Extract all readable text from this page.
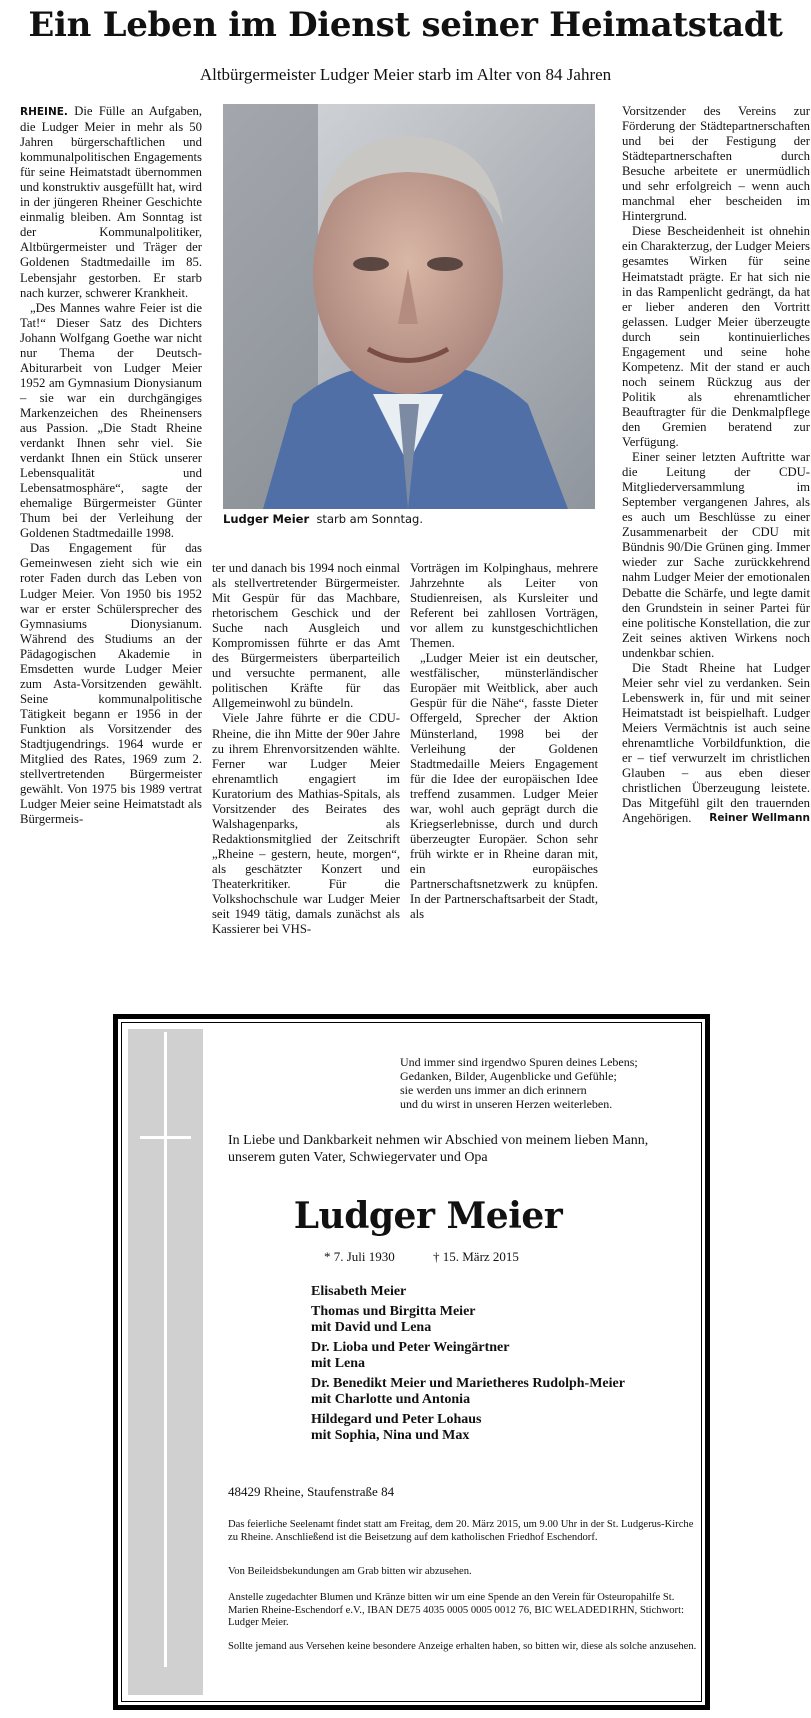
Ein Leben im Dienst seiner Heimatstadt
Altbürgermeister Ludger Meier starb im Alter von 84 Jahren

RHEINE. Die Fülle an Aufgaben, die Ludger Meier in mehr als 50 Jahren bürgerschaftlichen und kommunalpolitischen Engagements für seine Heimatstadt übernommen und konstruktiv ausgefüllt hat, wird in der jüngeren Rheiner Geschichte einmalig bleiben. Am Sonntag ist der Kommunalpolitiker, Altbürgermeister und Träger der Goldenen Stadtmedaille im 85. Lebensjahr gestorben. Er starb nach kurzer, schwerer Krankheit.

„Des Mannes wahre Feier ist die Tat!“ Dieser Satz des Dichters Johann Wolfgang Goethe war nicht nur Thema der Deutsch-Abiturarbeit von Ludger Meier 1952 am Gymnasium Dionysianum – sie war ein durchgängiges Markenzeichen des Rheinensers aus Passion. „Die Stadt Rheine verdankt Ihnen sehr viel. Sie verdankt Ihnen ein Stück unserer Lebensqualität und Lebensatmosphäre“, sagte der ehemalige Bürgermeister Günter Thum bei der Verleihung der Goldenen Stadtmedaille 1998.

Das Engagement für das Gemeinwesen zieht sich wie ein roter Faden durch das Leben von Ludger Meier. Von 1950 bis 1952 war er erster Schülersprecher des Gymnasiums Dionysianum. Während des Studiums an der Pädagogischen Akademie in Emsdetten wurde Ludger Meier zum Asta-Vorsitzenden gewählt. Seine kommunalpolitische Tätigkeit begann er 1956 in der Funktion als Vorsitzender des Stadtjugendrings. 1964 wurde er Mitglied des Rates, 1969 zum 2. stellvertretenden Bürgermeister gewählt. Von 1975 bis 1989 vertrat Ludger Meier seine Heimatstadt als Bürgermeis-

Ludger Meier starb am Sonntag.

ter und danach bis 1994 noch einmal als stellvertretender Bürgermeister. Mit Gespür für das Machbare, rhetorischem Geschick und der Suche nach Ausgleich und Kompromissen führte er das Amt des Bürgermeisters überparteilich und versuchte permanent, alle politischen Kräfte für das Allgemeinwohl zu bündeln.

Viele Jahre führte er die CDU-Rheine, die ihn Mitte der 90er Jahre zu ihrem Ehrenvorsitzenden wählte. Ferner war Ludger Meier ehrenamtlich engagiert im Kuratorium des Mathias-Spitals, als Vorsitzender des Beirates des Walshagenparks, als Redaktionsmitglied der Zeitschrift „Rheine – gestern, heute, morgen“, als geschätzter Konzert und Theaterkritiker. Für die Volkshochschule war Ludger Meier seit 1949 tätig, damals zunächst als Kassierer bei VHS-

Vorträgen im Kolpinghaus, mehrere Jahrzehnte als Leiter von Studienreisen, als Kursleiter und Referent bei zahllosen Vorträgen, vor allem zu kunstgeschichtlichen Themen.

„Ludger Meier ist ein deutscher, westfälischer, münsterländischer Europäer mit Weitblick, aber auch Gespür für die Nähe“, fasste Dieter Offergeld, Sprecher der Aktion Münsterland, 1998 bei der Verleihung der Goldenen Stadtmedaille Meiers Engagement für die Idee der europäischen Idee treffend zusammen. Ludger Meier war, wohl auch geprägt durch die Kriegserlebnisse, durch und durch überzeugter Europäer. Schon sehr früh wirkte er in Rheine daran mit, ein europäisches Partnerschaftsnetzwerk zu knüpfen. In der Partnerschaftsarbeit der Stadt, als

Vorsitzender des Vereins zur Förderung der Städtepartnerschaften und bei der Festigung der Städtepartnerschaften durch Besuche arbeitete er unermüdlich und sehr erfolgreich – wenn auch manchmal eher bescheiden im Hintergrund.

Diese Bescheidenheit ist ohnehin ein Charakterzug, der Ludger Meiers gesamtes Wirken für seine Heimatstadt prägte. Er hat sich nie in das Rampenlicht gedrängt, da hat er lieber anderen den Vortritt gelassen. Ludger Meier überzeugte durch sein kontinuierliches Engagement und seine hohe Kompetenz. Mit der stand er auch noch seinem Rückzug aus der Politik als ehrenamtlicher Beauftragter für die Denkmalpflege den Gremien beratend zur Verfügung.

Einer seiner letzten Auftritte war die Leitung der CDU-Mitgliederversammlung im September vergangenen Jahres, als es auch um Beschlüsse zu einer Zusammenarbeit der CDU mit Bündnis 90/Die Grünen ging. Immer wieder zur Sache zurückkehrend nahm Ludger Meier der emotionalen Debatte die Schärfe, und legte damit den Grundstein in seiner Partei für eine politische Konstellation, die zur Zeit seines aktiven Wirkens noch undenkbar schien.

Die Stadt Rheine hat Ludger Meier sehr viel zu verdanken. Sein Lebenswerk in, für und mit seiner Heimatstadt ist beispielhaft. Ludger Meiers Vermächtnis ist auch seine ehrenamtliche Vorbildfunktion, die er – tief verwurzelt im christlichen Glauben – aus eben dieser christlichen Überzeugung leistete. Das Mitgefühl gilt den trauernden Angehörigen.	Reiner Wellmann

Und immer sind irgendwo Spuren deines Lebens;
Gedanken, Bilder, Augenblicke und Gefühle;
sie werden uns immer an dich erinnern
und du wirst in unseren Herzen weiterleben.
In Liebe und Dankbarkeit nehmen wir Abschied von meinem lieben Mann, unserem guten Vater, Schwiegervater und Opa
Ludger Meier
* 7. Juli 1930	† 15. März 2015
Elisabeth Meier
Thomas und Birgitta Meier
mit David und Lena
Dr. Lioba und Peter Weingärtner
mit Lena
Dr. Benedikt Meier und Marietheres Rudolph-Meier
mit Charlotte und Antonia
Hildegard und Peter Lohaus
mit Sophia, Nina und Max
48429 Rheine, Staufenstraße 84
Das feierliche Seelenamt findet statt am Freitag, dem 20. März 2015, um 9.00 Uhr in der St. Ludgerus-Kirche zu Rheine. Anschließend ist die Beisetzung auf dem katholischen Friedhof Eschendorf.
Von Beileidsbekundungen am Grab bitten wir abzusehen.
Anstelle zugedachter Blumen und Kränze bitten wir um eine Spende an den Verein für Osteuropahilfe St. Marien Rheine-Eschendorf e.V., IBAN DE75 4035 0005 0005 0012 76, BIC WELADED1RHN, Stichwort: Ludger Meier.
Sollte jemand aus Versehen keine besondere Anzeige erhalten haben, so bitten wir, diese als solche anzusehen.
